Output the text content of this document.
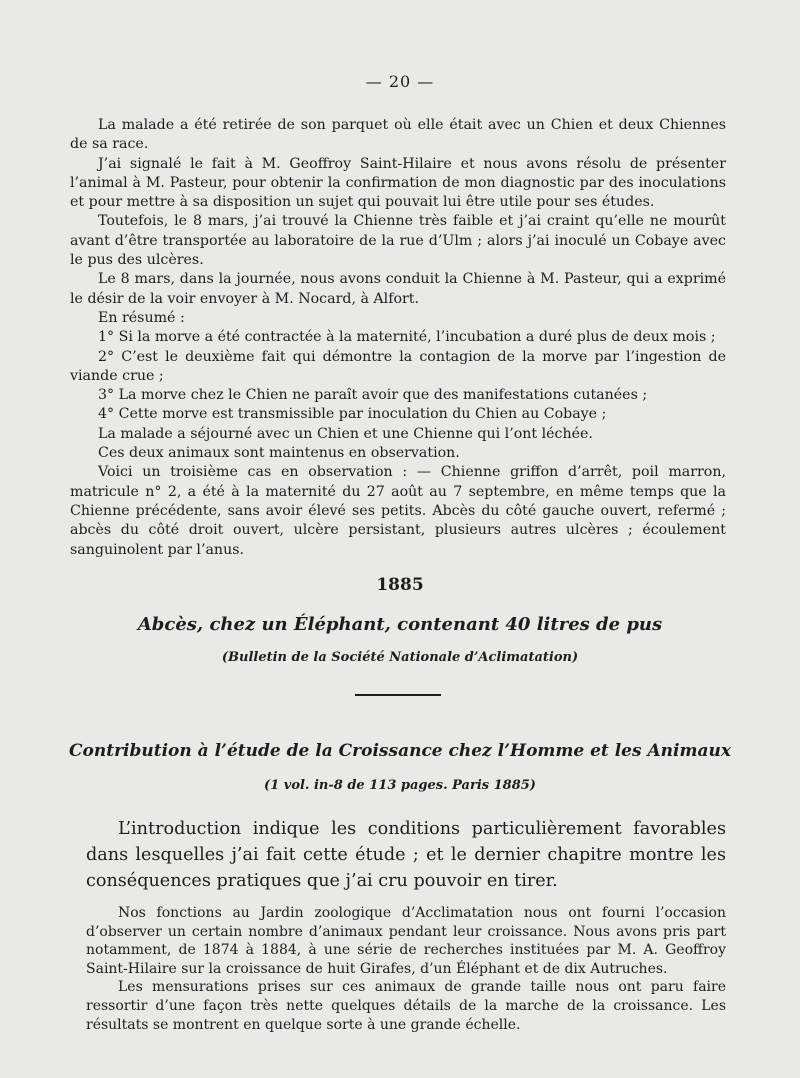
— 20 —

La malade a été retirée de son parquet où elle était avec un Chien et deux Chiennes de sa race.

J’ai signalé le fait à M. Geoffroy Saint-Hilaire et nous avons résolu de présenter l’animal à M. Pasteur, pour obtenir la confirmation de mon diagnostic par des inoculations et pour mettre à sa disposition un sujet qui pouvait lui être utile pour ses études.

Toutefois, le 8 mars, j’ai trouvé la Chienne très faible et j’ai craint qu’elle ne mourût avant d’être transportée au laboratoire de la rue d’Ulm ; alors j’ai inoculé un Cobaye avec le pus des ulcères.

Le 8 mars, dans la journée, nous avons conduit la Chienne à M. Pasteur, qui a exprimé le désir de la voir envoyer à M. Nocard, à Alfort.

En résumé :

1° Si la morve a été contractée à la maternité, l’incubation a duré plus de deux mois ;

2° C’est le deuxième fait qui démontre la contagion de la morve par l’ingestion de viande crue ;

3° La morve chez le Chien ne paraît avoir que des manifestations cutanées ;

4° Cette morve est transmissible par inoculation du Chien au Cobaye ;

La malade a séjourné avec un Chien et une Chienne qui l’ont léchée.

Ces deux animaux sont maintenus en observation.

Voici un troisième cas en observation : — Chienne griffon d’arrêt, poil marron, matricule n° 2, a été à la maternité du 27 août au 7 septembre, en même temps que la Chienne précédente, sans avoir élevé ses petits. Abcès du côté gauche ouvert, refermé ; abcès du côté droit ouvert, ulcère persistant, plusieurs autres ulcères ; écoulement sanguinolent par l’anus.

1885
Abcès, chez un Éléphant, contenant 40 litres de pus
(Bulletin de la Société Nationale d’Aclimatation)
Contribution à l’étude de la Croissance chez l’Homme et les Animaux
(1 vol. in-8 de 113 pages. Paris 1885)

L’introduction indique les conditions particulièrement favorables dans lesquelles j’ai fait cette étude ; et le dernier chapitre montre les conséquences pratiques que j’ai cru pouvoir en tirer.

Nos fonctions au Jardin zoologique d’Acclimatation nous ont fourni l’occasion d’observer un certain nombre d’animaux pendant leur croissance. Nous avons pris part notamment, de 1874 à 1884, à une série de recherches instituées par M. A. Geoffroy Saint-Hilaire sur la croissance de huit Girafes, d’un Éléphant et de dix Autruches.

Les mensurations prises sur ces animaux de grande taille nous ont paru faire ressortir d’une façon très nette quelques détails de la marche de la croissance. Les résultats se montrent en quelque sorte à une grande échelle.
